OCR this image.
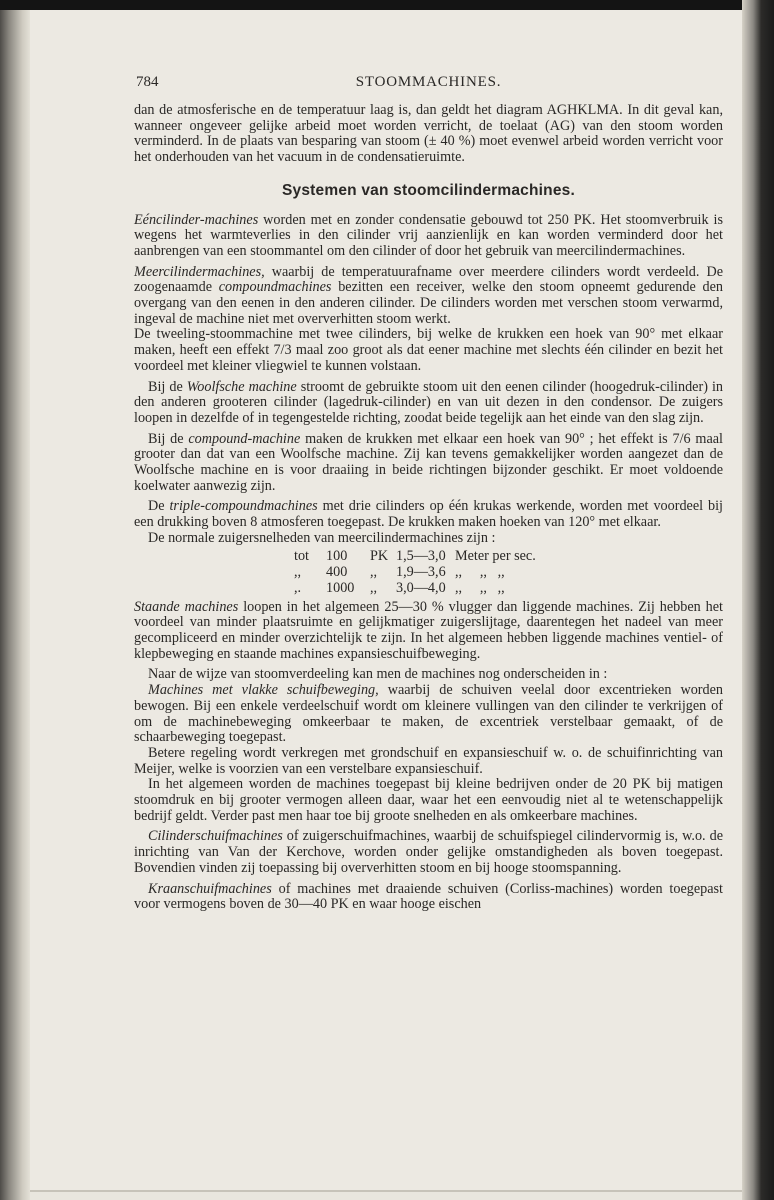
784	STOOMMACHINES.

dan de atmosferische en de temperatuur laag is, dan geldt het diagram AGHKLMA. In dit geval kan, wanneer ongeveer gelijke arbeid moet worden verricht, de toelaat (AG) van den stoom worden verminderd. In de plaats van besparing van stoom (± 40 %) moet evenwel arbeid worden verricht voor het onderhouden van het vacuum in de condensatieruimte.

Systemen van stoomcilindermachines.

Eéncilinder-machines worden met en zonder condensatie gebouwd tot 250 PK. Het stoomverbruik is wegens het warmteverlies in den cilinder vrij aanzienlijk en kan worden verminderd door het aanbrengen van een stoommantel om den cilinder of door het gebruik van meercilindermachines.

Meercilindermachines, waarbij de temperatuurafname over meerdere cilinders wordt verdeeld. De zoogenaamde compoundmachines bezitten een receiver, welke den stoom opneemt gedurende den overgang van den eenen in den anderen cilinder. De cilinders worden met verschen stoom verwarmd, ingeval de machine niet met oververhitten stoom werkt.

De tweeling-stoommachine met twee cilinders, bij welke de krukken een hoek van 90° met elkaar maken, heeft een effekt 7/3 maal zoo groot als dat eener machine met slechts één cilinder en bezit het voordeel met kleiner vliegwiel te kunnen volstaan.

Bij de Woolfsche machine stroomt de gebruikte stoom uit den eenen cilinder (hoogedruk-cilinder) in den anderen grooteren cilinder (lagedruk-cilinder) en van uit dezen in den condensor. De zuigers loopen in dezelfde of in tegengestelde richting, zoodat beide tegelijk aan het einde van den slag zijn.

Bij de compound-machine maken de krukken met elkaar een hoek van 90° ; het effekt is 7/6 maal grooter dan dat van een Woolfsche machine. Zij kan tevens gemakkelijker worden aangezet dan de Woolfsche machine en is voor draaiing in beide richtingen bijzonder geschikt. Er moet voldoende koelwater aanwezig zijn.

De triple-compoundmachines met drie cilinders op één krukas werkende, worden met voordeel bij een drukking boven 8 atmosferen toegepast. De krukken maken hoeken van 120° met elkaar.

De normale zuigersnelheden van meercilindermachines zijn :

tot 100 PK 1,5—3,0 Meter per sec.
,, 400 ,, 1,9—3,6 ,,     ,,   ,,
,. 1000 ,, 3,0—4,0 ,,     ,,   ,,

Staande machines loopen in het algemeen 25—30 % vlugger dan liggende machines. Zij hebben het voordeel van minder plaatsruimte en gelijkmatiger zuigerslijtage, daarentegen het nadeel van meer gecompliceerd en minder overzichtelijk te zijn. In het algemeen hebben liggende machines ventiel- of klepbeweging en staande machines expansieschuifbeweging.

Naar de wijze van stoomverdeeling kan men de machines nog onderscheiden in :

Machines met vlakke schuifbeweging, waarbij de schuiven veelal door excentrieken worden bewogen. Bij een enkele verdeelschuif wordt om kleinere vullingen van den cilinder te verkrijgen of om de machinebeweging omkeerbaar te maken, de excentriek verstelbaar gemaakt, of de schaarbeweging toegepast.

Betere regeling wordt verkregen met grondschuif en expansieschuif w. o. de schuifinrichting van Meijer, welke is voorzien van een verstelbare expansieschuif.

In het algemeen worden de machines toegepast bij kleine bedrijven onder de 20 PK bij matigen stoomdruk en bij grooter vermogen alleen daar, waar het een eenvoudig niet al te wetenschappelijk bedrijf geldt. Verder past men haar toe bij groote snelheden en als omkeerbare machines.

Cilinderschuifmachines of zuigerschuifmachines, waarbij de schuifspiegel cilindervormig is, w.o. de inrichting van Van der Kerchove, worden onder gelijke omstandigheden als boven toegepast. Bovendien vinden zij toepassing bij oververhitten stoom en bij hooge stoomspanning.

Kraanschuifmachines of machines met draaiende schuiven (Corliss-machines) worden toegepast voor vermogens boven de 30—40 PK en waar hooge eischen
